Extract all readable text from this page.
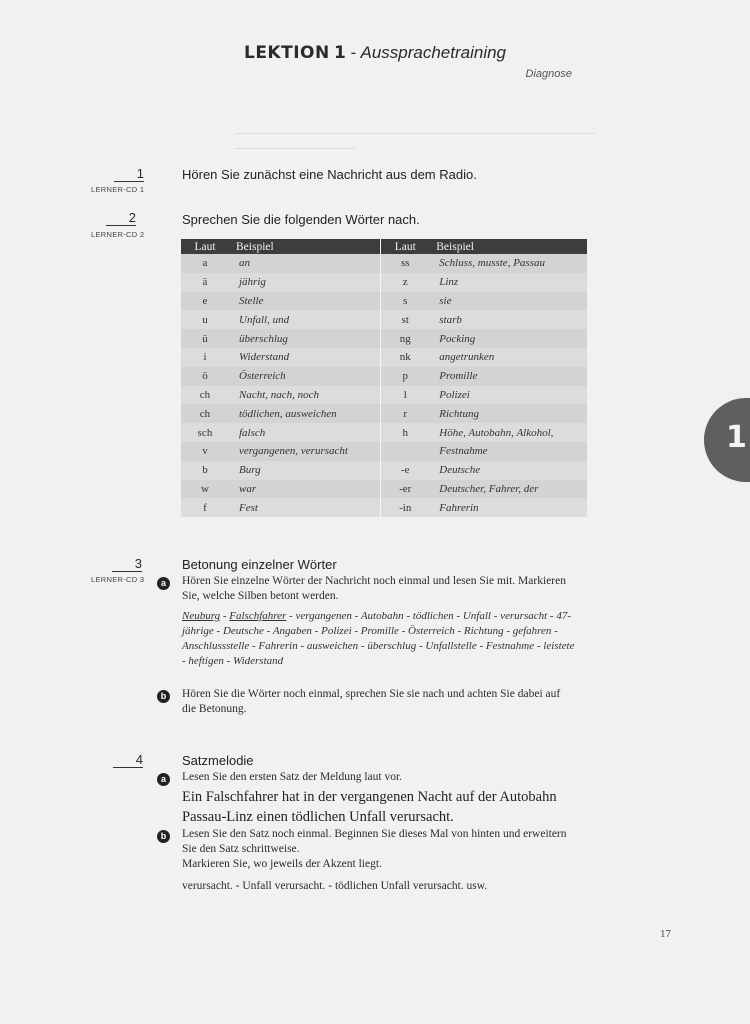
LEKTION 1 - Aussprachetraining
Diagnose
1
1
LERNER-CD 1
Hören Sie zunächst eine Nachricht aus dem Radio.
2
LERNER-CD 2
Sprechen Sie die folgenden Wörter nach.
Laut	Beispiel	Laut	Beispiel
a	an	ss	Schluss, musste, Passau
ä	jährig	z	Linz
e	Stelle	s	sie
u	Unfall, und	st	starb
ü	überschlug	ng	Pocking
i	Widerstand	nk	angetrunken
ö	Österreich	p	Promille
ch	Nacht, nach, noch	l	Polizei
ch	tödlichen, ausweichen	r	Richtung
sch	falsch	h	Höhe, Autobahn, Alkohol,
v	vergangenen, verursacht		Festnahme
b	Burg	-e	Deutsche
w	war	-er	Deutscher, Fahrer, der
f	Fest	-in	Fahrerin
3
LERNER-CD 3
Betonung einzelner Wörter
a	Hören Sie einzelne Wörter der Nachricht noch einmal und lesen Sie mit. Markieren Sie, welche Silben betont werden.
Neuburg - Falschfahrer - vergangenen - Autobahn - tödlichen - Unfall - verursacht - 47-jährige - Deutsche - Angaben - Polizei - Promille - Österreich - Richtung - gefahren - Anschlussstelle - Fahrerin - ausweichen - überschlug - Unfallstelle - Festnahme - leistete - heftigen - Widerstand
b	Hören Sie die Wörter noch einmal, sprechen Sie sie nach und achten Sie dabei auf die Betonung.
4	Satzmelodie
a	Lesen Sie den ersten Satz der Meldung laut vor.
Ein Falschfahrer hat in der vergangenen Nacht auf der Autobahn Passau-Linz einen tödlichen Unfall verursacht.
b	Lesen Sie den Satz noch einmal. Beginnen Sie dieses Mal von hinten und erweitern Sie den Satz schrittweise.
Markieren Sie, wo jeweils der Akzent liegt.
verursacht. - Unfall verursacht. - tödlichen Unfall verursacht. usw.
17
